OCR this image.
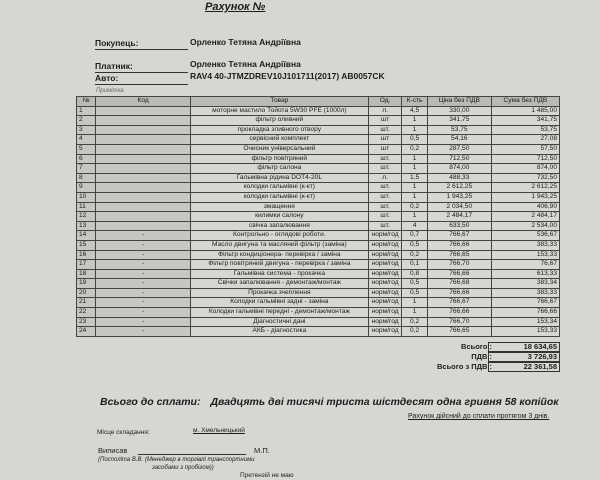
Рахунок №
Покупець:	Орленко Тетяна Андріївна
Платник:	Орленко Тетяна Андріївна
Авто:	RAV4 40-JTMZDREV10J101711(2017) AB0057CK
Примітка
№	Код	Товар	Од.	К-сть	Ціна без ПДВ	Сума без ПДВ
1		моторне мастило Тойота 5W30 PFE (1000л)	л.	4,5	330,00	1 485,00
2		фільтр оливний	шт	1	341,75	341,75
3		прокладка зливного отвору	шт.	1	53,75	53,75
4		сервісний комплект	шт	0,5	54,16	27,08
5		Очисник універсальний	шт	0,2	287,50	57,50
6		фільтр повітряний	шт.	1	712,50	712,50
7		фільтр салона	шт.	1	874,00	874,00
8		Гальмівна рідина DOT4-20L	л.	1,5	488,33	732,50
9		колодки гальмівні (к-кт)	шт.	1	2 612,25	2 612,25
10		колодки гальмівні (к-кт)	шт.	1	1 943,25	1 943,25
11		змащення	шт.	0,2	2 034,50	406,90
12		килимки салону	шт.	1	2 484,17	2 484,17
13		свічка запалювання	шт.	4	633,50	2 534,00
14	-	Контрольно - оглядові роботи.	норм/год	0,7	766,67	536,67
15	-	Масло двигуна та масляний фільтр (заміна)	норм/год	0,5	766,66	383,33
16	-	Фільтр кондиціонера- перевірка / заміна	норм/год	0,2	766,65	153,33
17	-	Фільтр повітряний двигуна - перевірка / заміна	норм/год	0,1	766,70	76,67
18	-	Гальмівна система - прокачка	норм/год	0,8	766,66	613,33
19	-	Свічки запалювання - демонтаж/монтаж	норм/год	0,5	766,68	383,34
20	-	Прокачка зчеплення	норм/год	0,5	766,66	383,33
21	-	Колодки гальмівні задні - заміна	норм/год	1	766,67	766,67
22	-	Колодки гальмівні передні - демонтаж/монтаж	норм/год	1	766,66	766,66
23	-	Діагностичні дані	норм/год	0,2	766,70	153,34
24	-	АКБ - діагностика	норм/год	0,2	766,65	153,33
Всього :	18 634,65
ПДВ :	3 726,93
Всього з ПДВ :	22 361,58
Всього до сплати: Двадцять дві тисячі триста шістдесят одна гривня 58 копійок
Рахунок дійсний до сплати протягом 3 днів.
Місце складання:	м. Хмельницький
Виписав	М.П.
(Посполіта В.В. (Менеджер в торгівлі транспортними
засобами з пробігом))
Претензій не маю
